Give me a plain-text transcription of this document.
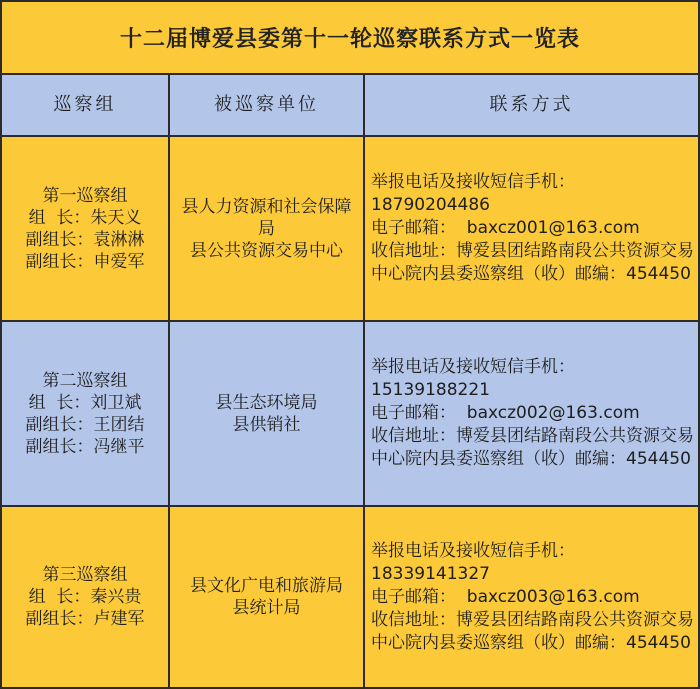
十二届博爱县委第十一轮巡察联系方式一览表
巡察组	被巡察单位	联系方式
第一巡察组
组  长：朱天义
副组长：袁淋淋
副组长：申爱军
县人力资源和社会保障局
县公共资源交易中心
举报电话及接收短信手机：
18790204486
电子邮箱：  baxcz001@163.com
收信地址：博爱县团结路南段公共资源交易中心院内县委巡察组（收）邮编：454450
第二巡察组
组  长：刘卫斌
副组长：王团结
副组长：冯继平
县生态环境局
县供销社
举报电话及接收短信手机：
15139188221
电子邮箱：  baxcz002@163.com
收信地址：博爱县团结路南段公共资源交易中心院内县委巡察组（收）邮编：454450
第三巡察组
组  长：秦兴贵
副组长：卢建军
县文化广电和旅游局
县统计局
举报电话及接收短信手机：
18339141327
电子邮箱：  baxcz003@163.com
收信地址：博爱县团结路南段公共资源交易中心院内县委巡察组（收）邮编：454450
